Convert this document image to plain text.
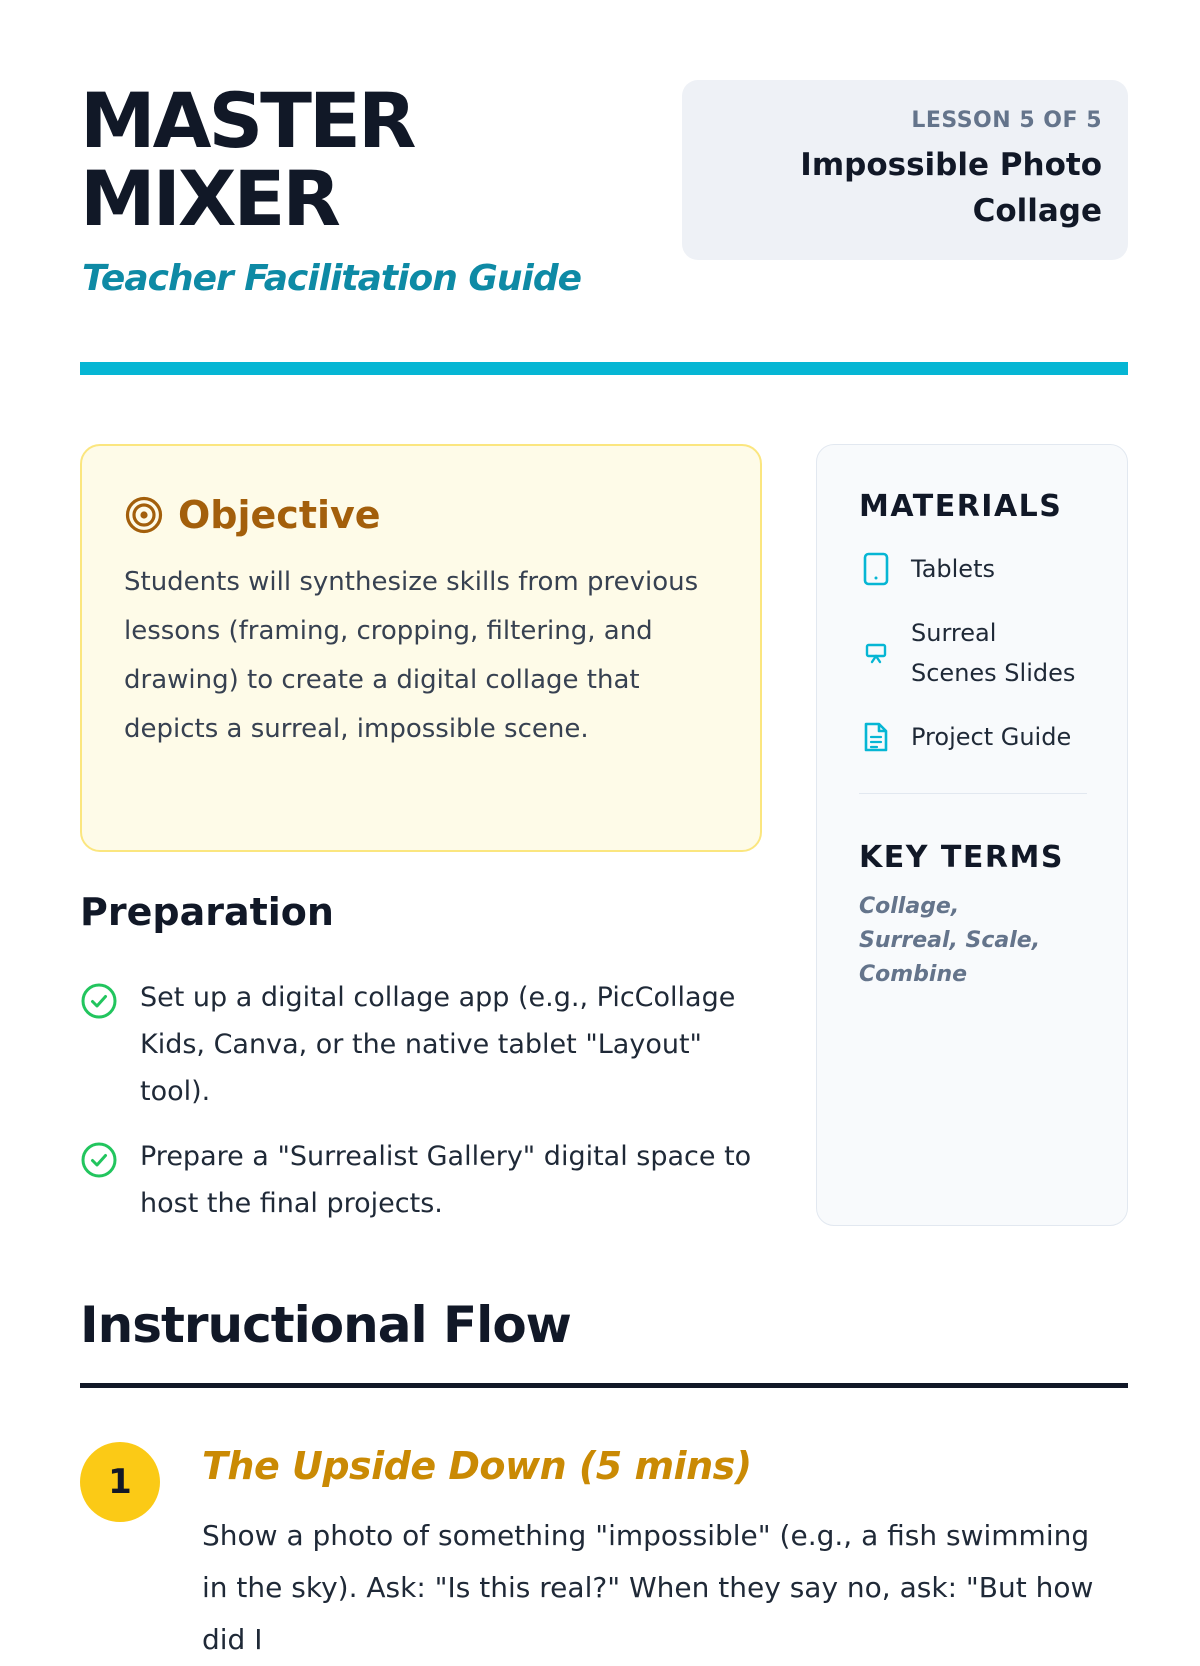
MASTER
MIXER
Teacher Facilitation Guide
LESSON 5 OF 5
Impossible Photo Collage
Objective
Students will synthesize skills from previous lessons (framing, cropping, filtering, and drawing) to create a digital collage that depicts a surreal, impossible scene.
Preparation
Set up a digital collage app (e.g., PicCollage Kids, Canva, or the native tablet "Layout" tool).
Prepare a "Surrealist Gallery" digital space to host the final projects.
MATERIALS
Tablets
Surreal Scenes Slides
Project Guide
KEY TERMS
Collage, Surreal, Scale, Combine
Instructional Flow
1	The Upside Down (5 mins)
Show a photo of something "impossible" (e.g., a fish swimming in the sky). Ask: "Is this real?" When they say no, ask: "But how did I
